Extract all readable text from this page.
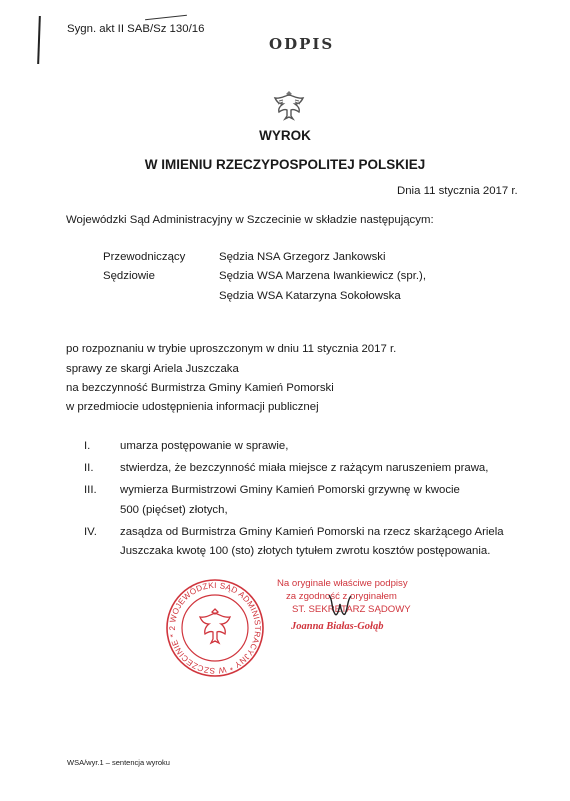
Sygn. akt II SAB/Sz 130/16
ODPIS
WYROK
W IMIENIU RZECZYPOSPOLITEJ POLSKIEJ
Dnia 11 stycznia 2017 r.
Wojewódzki Sąd Administracyjny w Szczecinie w składzie następującym:
Przewodniczący	Sędzia NSA Grzegorz Jankowski
Sędziowie	Sędzia WSA Marzena Iwankiewicz (spr.),
Sędzia WSA Katarzyna Sokołowska
po rozpoznaniu w trybie uproszczonym w dniu 11 stycznia 2017 r.
sprawy ze skargi Ariela Juszczaka
na bezczynność Burmistrza Gminy Kamień Pomorski
w przedmiocie udostępnienia informacji publicznej
I.	umarza postępowanie w sprawie,
II. stwierdza, że bezczynność miała miejsce z rażącym naruszeniem prawa,
III. wymierza Burmistrzowi Gminy Kamień Pomorski grzywnę w kwocie
500 (pięćset) złotych,
IV. zasądza od Burmistrza Gminy Kamień Pomorski na rzecz skarżącego Ariela
Juszczaka kwotę 100 (sto) złotych tytułem zwrotu kosztów postępowania.
WOJEWÓDZKI SĄD ADMINISTRACYJNY * W SZCZECINIE * 2
Na oryginale właściwe podpisy
za zgodność z oryginałem
ST. SEKRETARZ SĄDOWY
Joanna Białas-Gołąb
WSA/wyr.1 – sentencja wyroku
